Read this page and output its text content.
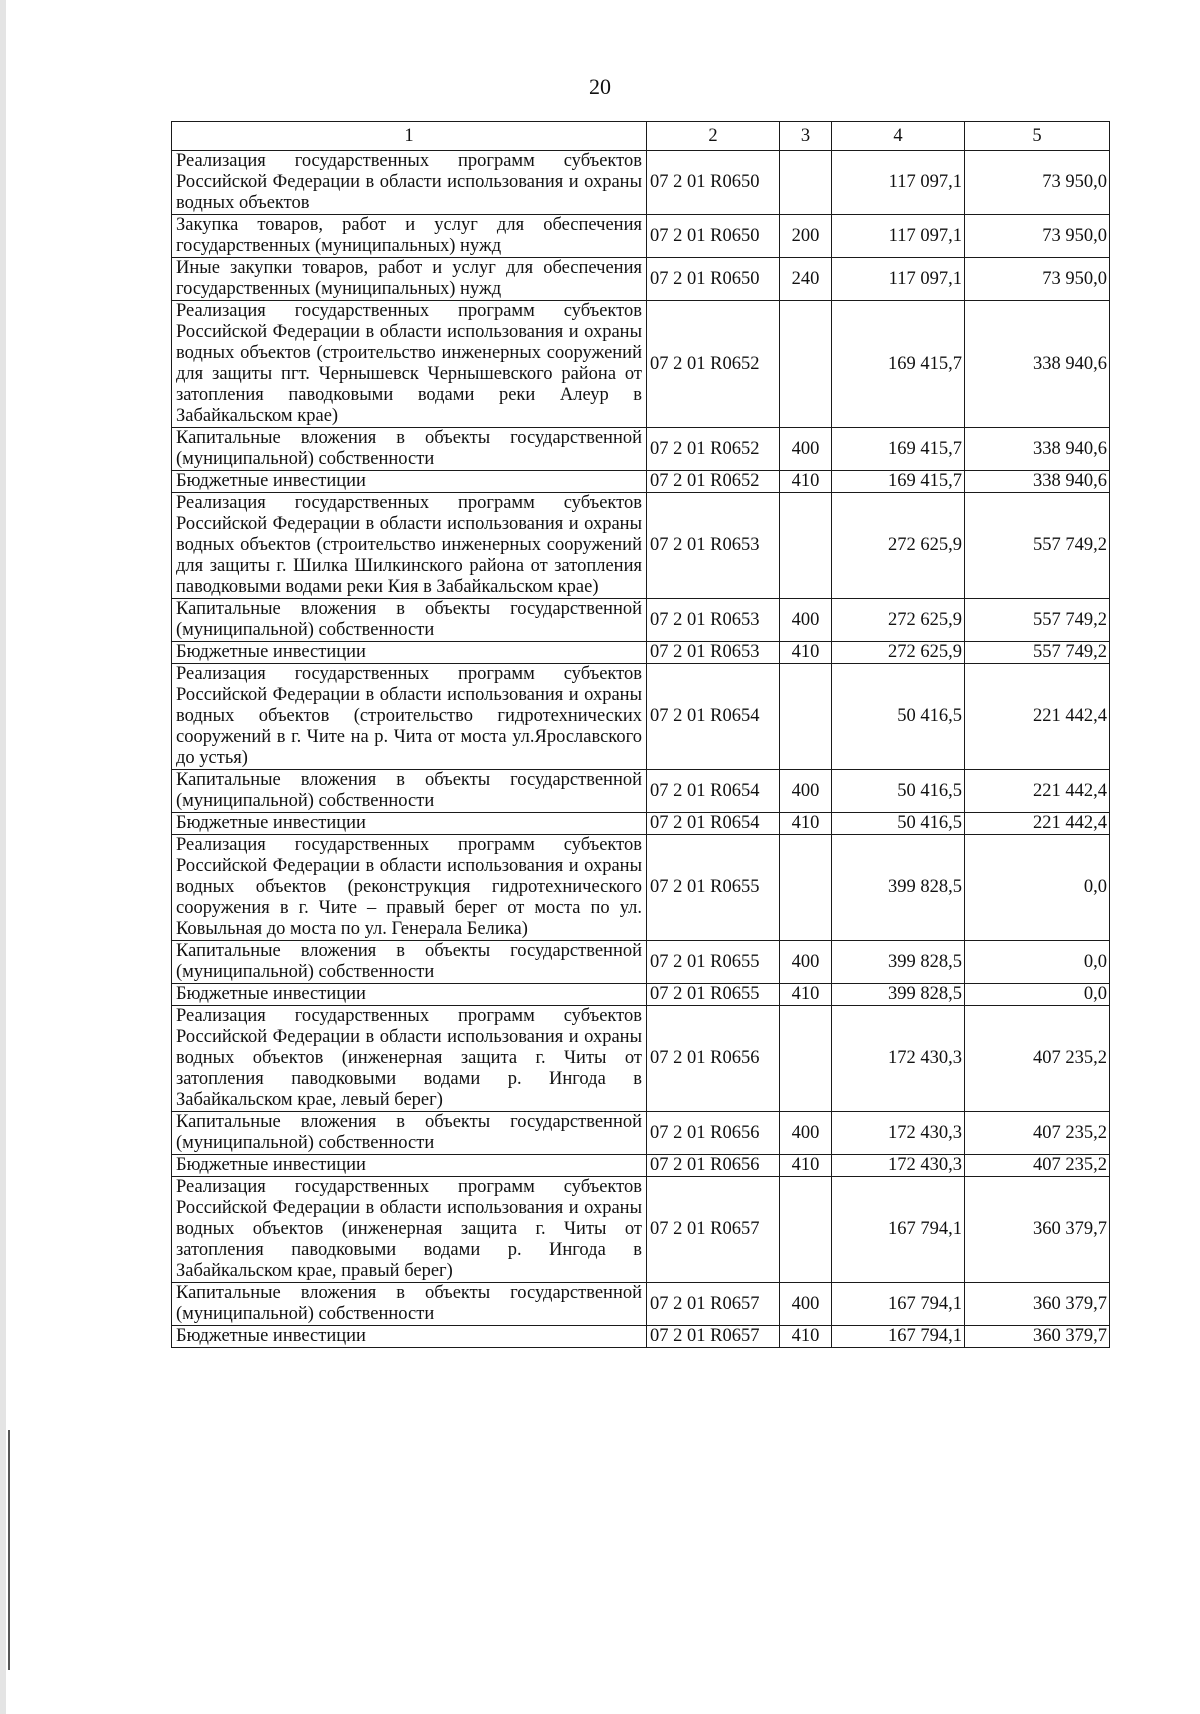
20
1	2	3	4	5
Реализация государственных программ субъектов Российской Федерации в области использования и охраны водных объектов	07 2 01 R0650		117 097,1	73 950,0
Закупка товаров, работ и услуг для обеспечения государственных (муниципальных) нужд	07 2 01 R0650	200	117 097,1	73 950,0
Иные закупки товаров, работ и услуг для обеспечения государственных (муниципальных) нужд	07 2 01 R0650	240	117 097,1	73 950,0
Реализация государственных программ субъектов Российской Федерации в области использования и охраны водных объектов (строительство инженерных сооружений для защиты пгт. Чернышевск Чернышевского района от затопления паводковыми водами реки Алеур в Забайкальском крае)	07 2 01 R0652		169 415,7	338 940,6
Капитальные вложения в объекты государственной (муниципальной) собственности	07 2 01 R0652	400	169 415,7	338 940,6
Бюджетные инвестиции	07 2 01 R0652	410	169 415,7	338 940,6
Реализация государственных программ субъектов Российской Федерации в области использования и охраны водных объектов (строительство инженерных сооружений для защиты г. Шилка Шилкинского района от затопления паводковыми водами реки Кия в Забайкальском крае)	07 2 01 R0653		272 625,9	557 749,2
Капитальные вложения в объекты государственной (муниципальной) собственности	07 2 01 R0653	400	272 625,9	557 749,2
Бюджетные инвестиции	07 2 01 R0653	410	272 625,9	557 749,2
Реализация государственных программ субъектов Российской Федерации в области использования и охраны водных объектов (строительство гидротехнических сооружений в г. Чите на р. Чита от моста ул.Ярославского до устья)	07 2 01 R0654		50 416,5	221 442,4
Капитальные вложения в объекты государственной (муниципальной) собственности	07 2 01 R0654	400	50 416,5	221 442,4
Бюджетные инвестиции	07 2 01 R0654	410	50 416,5	221 442,4
Реализация государственных программ субъектов Российской Федерации в области использования и охраны водных объектов (реконструкция гидротехнического сооружения в г. Чите – правый берег от моста по ул. Ковыльная до моста по ул. Генерала Белика)	07 2 01 R0655		399 828,5	0,0
Капитальные вложения в объекты государственной (муниципальной) собственности	07 2 01 R0655	400	399 828,5	0,0
Бюджетные инвестиции	07 2 01 R0655	410	399 828,5	0,0
Реализация государственных программ субъектов Российской Федерации в области использования и охраны водных объектов (инженерная защита г. Читы от затопления паводковыми водами р. Ингода в Забайкальском крае, левый берег)	07 2 01 R0656		172 430,3	407 235,2
Капитальные вложения в объекты государственной (муниципальной) собственности	07 2 01 R0656	400	172 430,3	407 235,2
Бюджетные инвестиции	07 2 01 R0656	410	172 430,3	407 235,2
Реализация государственных программ субъектов Российской Федерации в области использования и охраны водных объектов (инженерная защита г. Читы от затопления паводковыми водами р. Ингода в Забайкальском крае, правый берег)	07 2 01 R0657		167 794,1	360 379,7
Капитальные вложения в объекты государственной (муниципальной) собственности	07 2 01 R0657	400	167 794,1	360 379,7
Бюджетные инвестиции	07 2 01 R0657	410	167 794,1	360 379,7
